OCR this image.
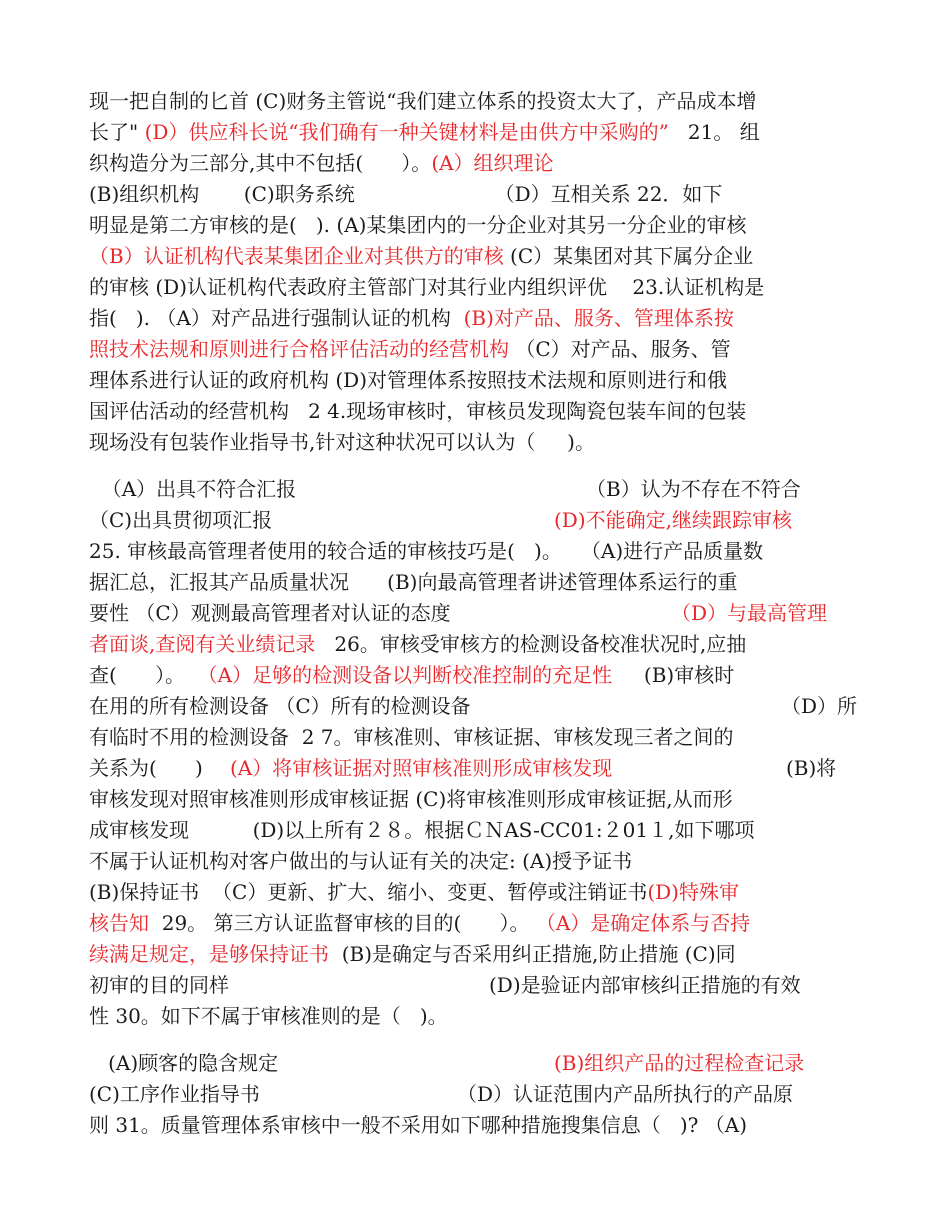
现一把自制的匕首 (C)财务主管说“我们建立体系的投资太大了，产品成本增
长了" (D）供应科长说“我们确有一种关键材料是由供方中采购的”   21。 组
织构造分为三部分,其中不包括(      ）。(A）组织理论
(B)组织机构       (C)职务系统                      （D）互相关系 22．如下
明显是第二方审核的是(   ). (A)某集团内的一分企业对其另一分企业的审核
（B）认证机构代表某集团企业对其供方的审核 (C）某集团对其下属分企业
的审核 (D)认证机构代表政府主管部门对其行业内组织评优    23.认证机构是
指(   ). （A）对产品进行强制认证的机构  (B)对产品、服务、管理体系按
照技术法规和原则进行合格评估活动的经营机构 （C）对产品、服务、管
理体系进行认证的政府机构 (D)对管理体系按照技术法规和原则进行和俄
国评估活动的经营机构   2 4.现场审核时，审核员发现陶瓷包装车间的包装
现场没有包装作业指导书,针对这种状况可以认为（     )。
（A）出具不符合汇报	（B）认为不存在不符合
（C)出具贯彻项汇报	(D)不能确定,继续跟踪审核
25. 审核最高管理者使用的较合适的审核技巧是(   )。   （A)进行产品质量数
据汇总，汇报其产品质量状况      (B)向最高管理者讲述管理体系运行的重
要性 （C）观测最高管理者对认证的态度	（D）与最高管理
者面谈,查阅有关业绩记录   26。审核受审核方的检测设备校准状况时,应抽
查(      ）。  （A）足够的检测设备以判断校准控制的充足性     (B)审核时
在用的所有检测设备 （C）所有的检测设备	（D）所
有临时不用的检测设备  2 7。审核准则、审核证据、审核发现三者之间的
关系为(      ) (A）将审核证据对照审核准则形成审核发现	(B)将
审核发现对照审核准则形成审核证据 (C)将审核准则形成审核证据,从而形
成审核发现          (D)以上所有２８。根据ＣＮAS-CC01:２01１,如下哪项
不属于认证机构对客户做出的与认证有关的决定: (A)授予证书
(B)保持证书  （C）更新、扩大、缩小、变更、暂停或注销证书(D)特殊审
核告知  29。 第三方认证监督审核的目的(      ）。 （A）是确定体系与否持
续满足规定，是够保持证书  (B)是确定与否采用纠正措施,防止措施 (C)同
初审的目的同样	(D)是验证内部审核纠正措施的有效
性 30。如下不属于审核准则的是（   )。
(A)顾客的隐含规定	(B)组织产品的过程检查记录
(C)工序作业指导书	（D）认证范围内产品所执行的产品原
则 31。质量管理体系审核中一般不采用如下哪种措施搜集信息（   )? （A)
